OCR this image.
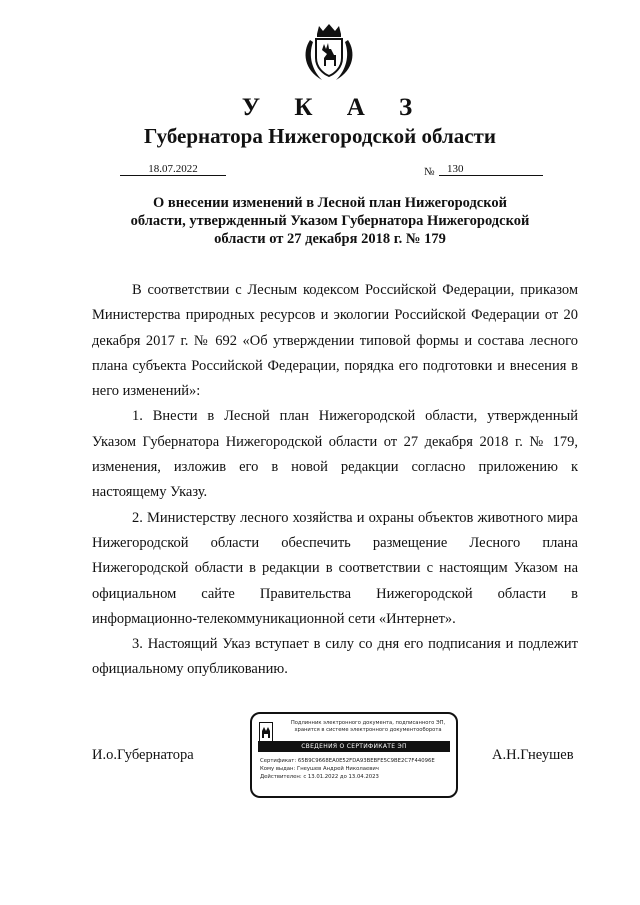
У К А З
Губернатора Нижегородской области
18.07.2022	№	130
О внесении изменений в Лесной план Нижегородской
области, утвержденный Указом Губернатора Нижегородской
области от 27 декабря 2018 г. № 179

В соответствии с Лесным кодексом Российской Федерации, приказом Министерства природных ресурсов и экологии Российской Федерации от 20 декабря 2017 г. № 692 «Об утверждении типовой формы и состава лесного плана субъекта Российской Федерации, порядка его подготовки и внесения в него изменений»:

1. Внести в Лесной план Нижегородской области, утвержденный Указом Губернатора Нижегородской области от 27 декабря 2018 г. № 179, изменения, изложив его в новой редакции согласно приложению к настоящему Указу.

2. Министерству лесного хозяйства и охраны объектов животного мира Нижегородской области обеспечить размещение Лесного плана Нижегородской области в редакции в соответствии с настоящим Указом на официальном сайте Правительства Нижегородской области в информационно-телекоммуникационной сети «Интернет».

3. Настоящий Указ вступает в силу со дня его подписания и подлежит официальному опубликованию.

И.о.Губернатора	А.Н.Гнеушев
Подлинник электронного документа, подписанного ЭП, хранится в системе электронного документооборота
СВЕДЕНИЯ О СЕРТИФИКАТЕ ЭП
Сертификат: 65B9C9668EA0E52FDA93BEBFE5C9BE2C7F44096E
Кому выдан: Гнеушев Андрей Николаевич
Действителен: с 13.01.2022 до 13.04.2023
